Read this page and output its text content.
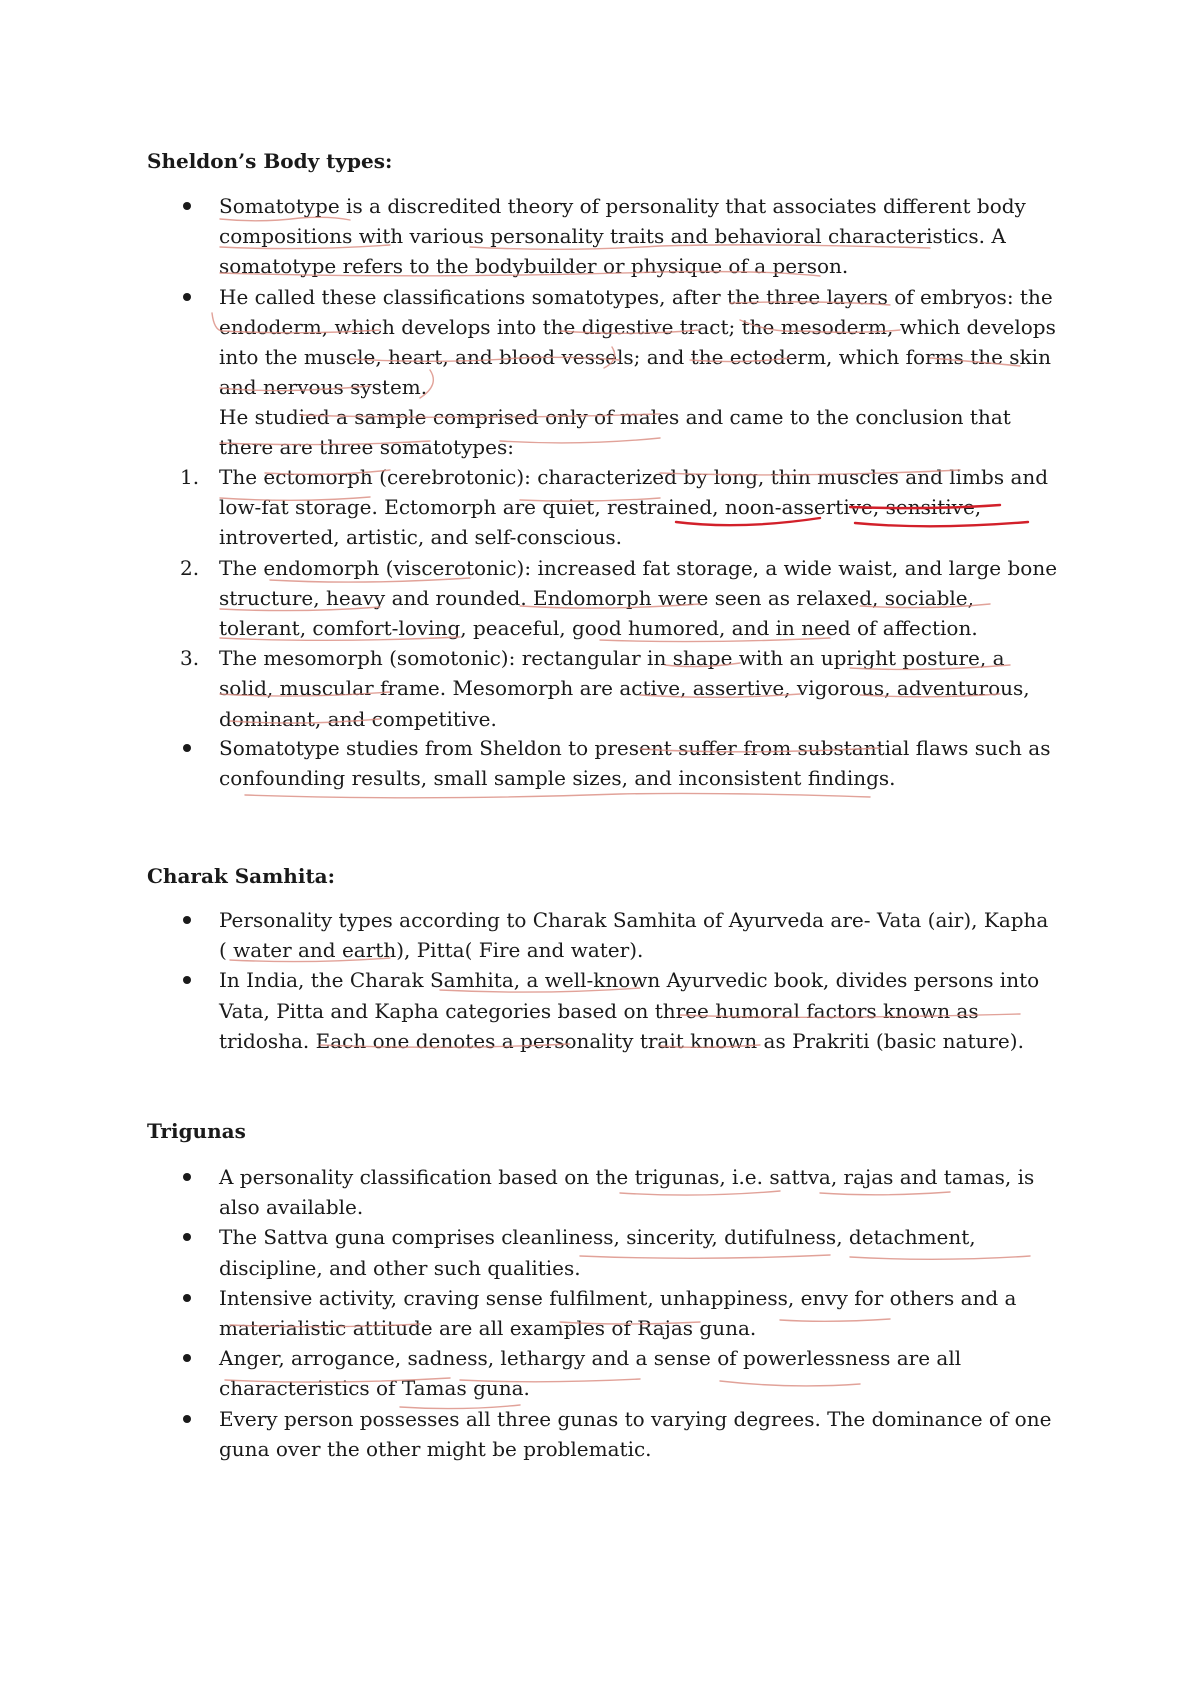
Sheldon’s Body types:
Somatotype is a discredited theory of personality that associates different body compositions with various personality traits and behavioral characteristics. A somatotype refers to the bodybuilder or physique of a person.
He called these classifications somatotypes, after the three layers of embryos: the endoderm, which develops into the digestive tract; the mesoderm, which develops into the muscle, heart, and blood vessels; and the ectoderm, which forms the skin and nervous system.
He studied a sample comprised only of males and came to the conclusion that there are three somatotypes:
1. The ectomorph (cerebrotonic): characterized by long, thin muscles and limbs and low-fat storage. Ectomorph are quiet, restrained, noon-assertive, sensitive, introverted, artistic, and self-conscious.
2. The endomorph (viscerotonic): increased fat storage, a wide waist, and large bone structure, heavy and rounded. Endomorph were seen as relaxed, sociable, tolerant, comfort-loving, peaceful, good humored, and in need of affection.
3. The mesomorph (somotonic): rectangular in shape with an upright posture, a solid, muscular frame. Mesomorph are active, assertive, vigorous, adventurous, dominant, and competitive.
Somatotype studies from Sheldon to present suffer from substantial flaws such as confounding results, small sample sizes, and inconsistent findings.
Charak Samhita:
Personality types according to Charak Samhita of Ayurveda are- Vata (air), Kapha ( water and earth), Pitta( Fire and water).
In India, the Charak Samhita, a well-known Ayurvedic book, divides persons into Vata, Pitta and Kapha categories based on three humoral factors known as tridosha. Each one denotes a personality trait known as Prakriti (basic nature).
Trigunas
A personality classification based on the trigunas, i.e. sattva, rajas and tamas, is also available.
The Sattva guna comprises cleanliness, sincerity, dutifulness, detachment, discipline, and other such qualities.
Intensive activity, craving sense fulfilment, unhappiness, envy for others and a materialistic attitude are all examples of Rajas guna.
Anger, arrogance, sadness, lethargy and a sense of powerlessness are all characteristics of Tamas guna.
Every person possesses all three gunas to varying degrees. The dominance of one guna over the other might be problematic.
